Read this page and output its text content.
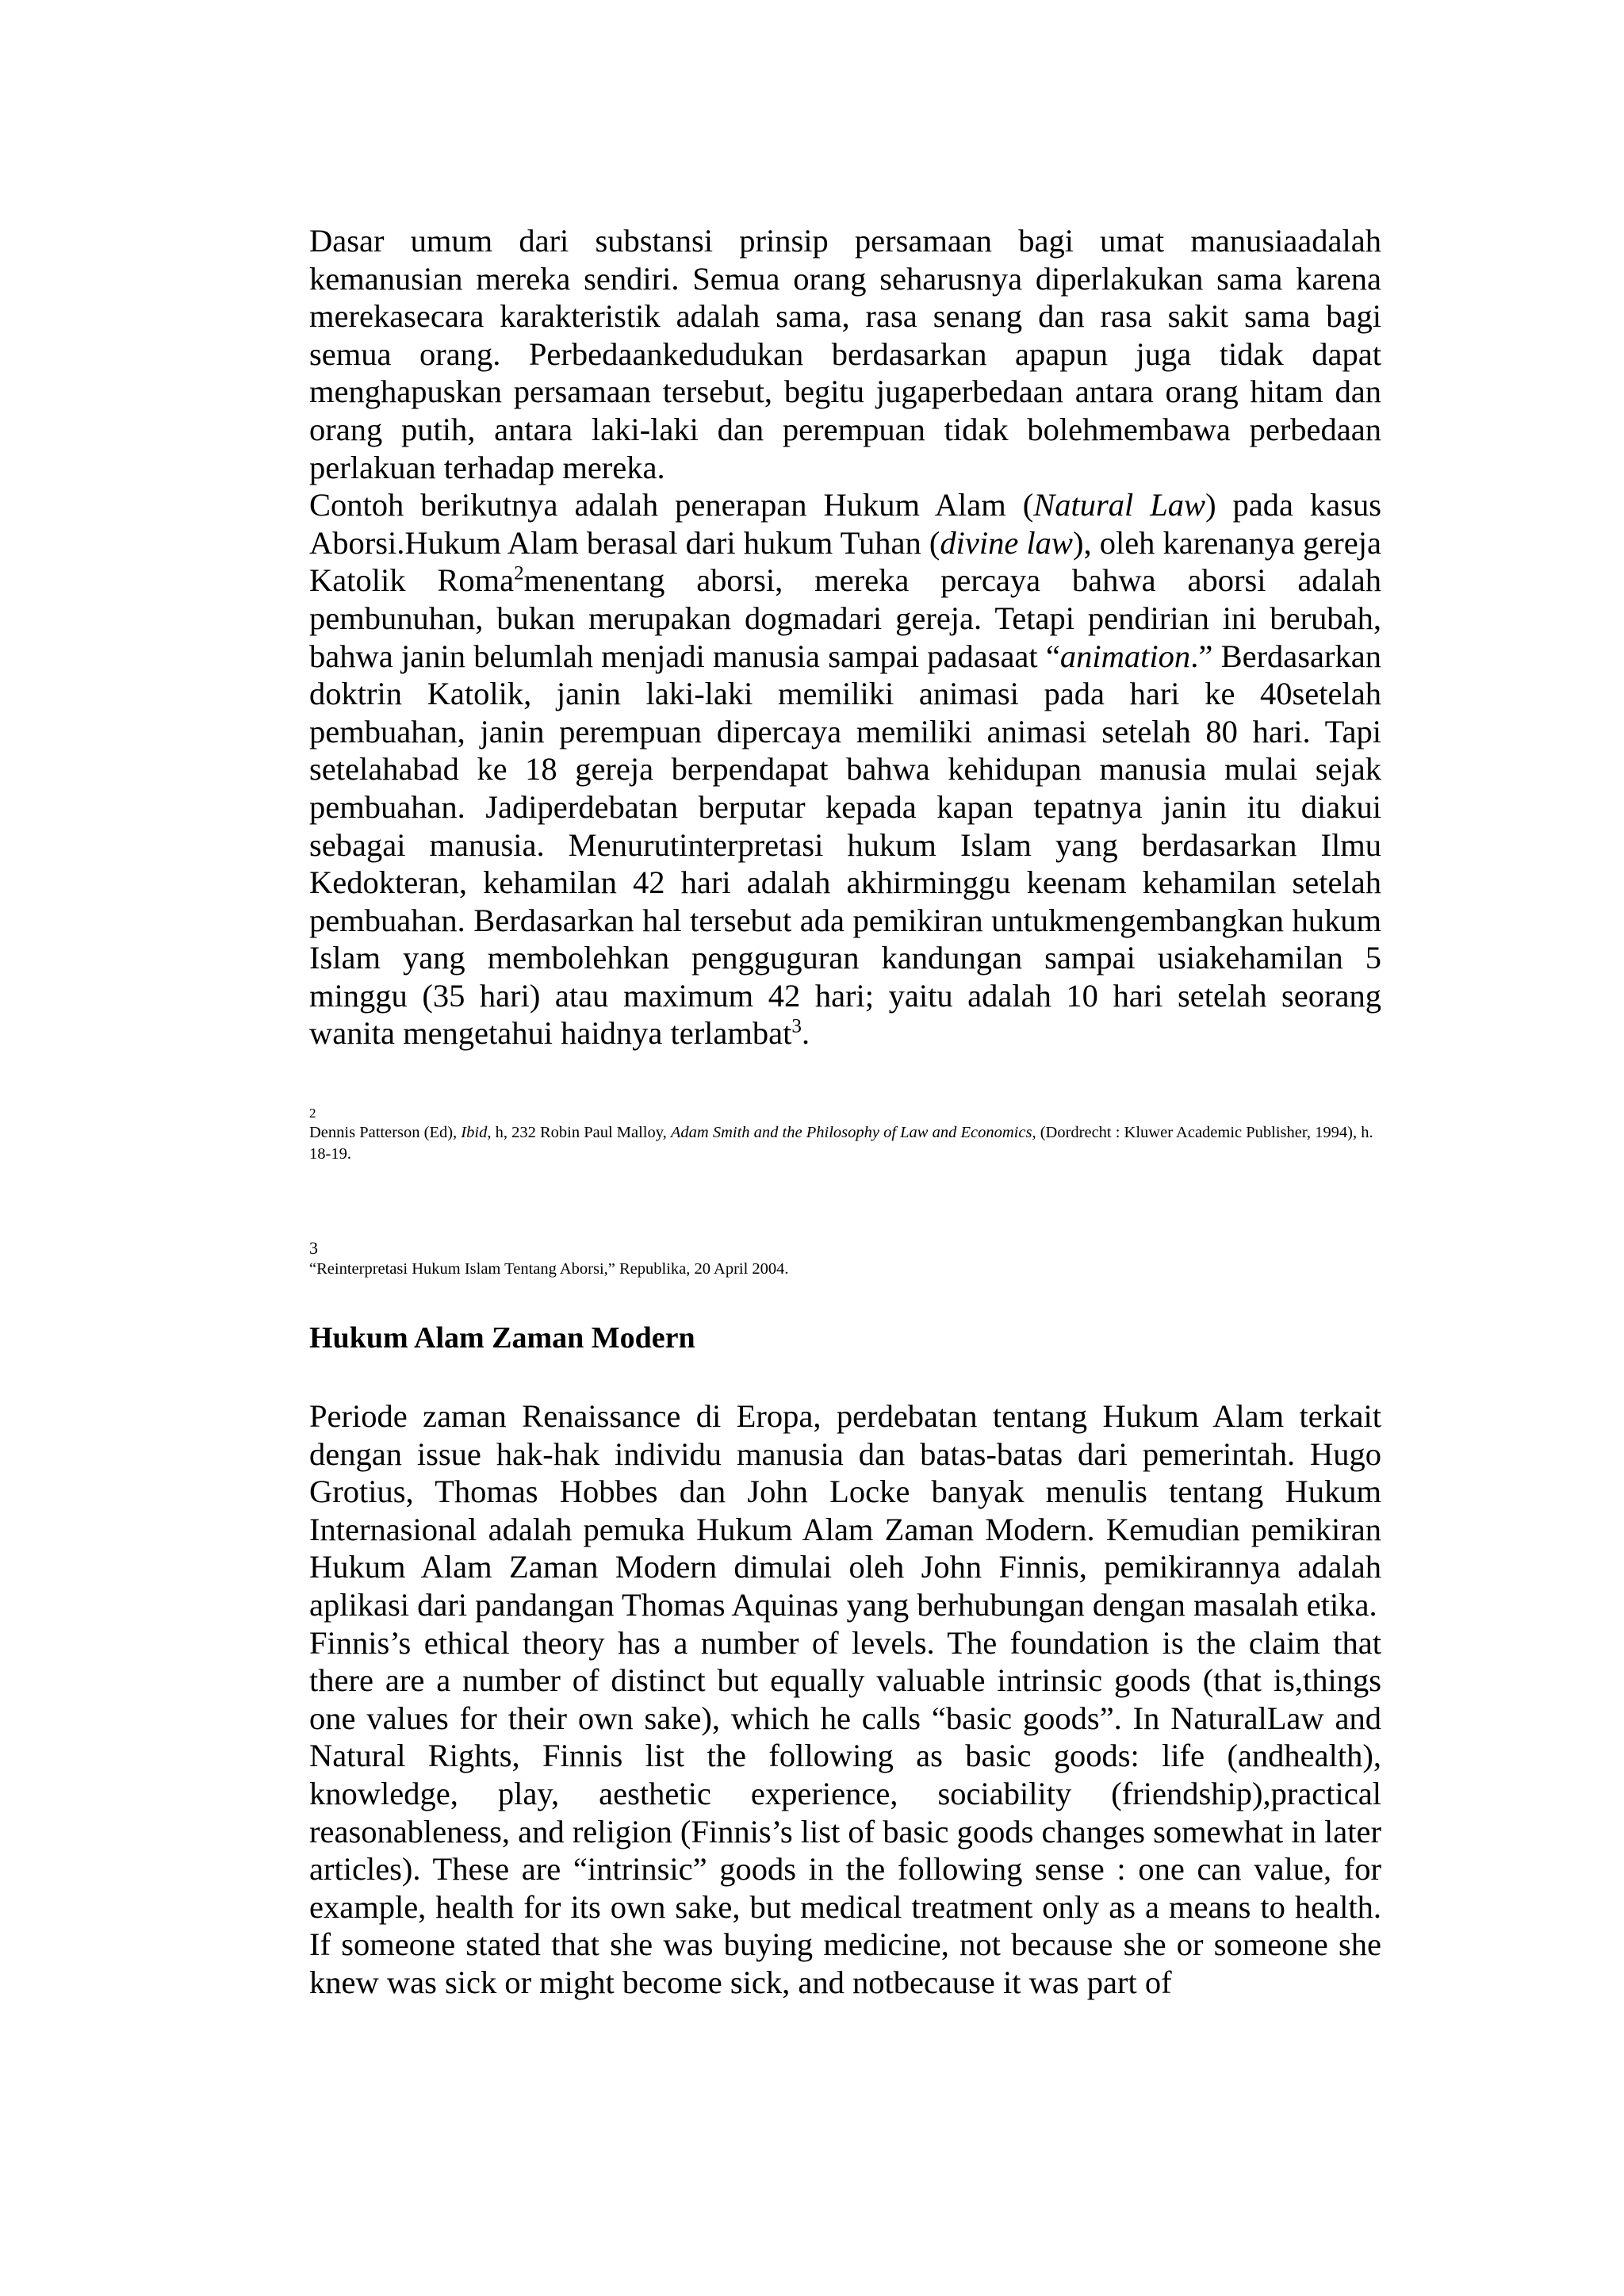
Dasar umum dari substansi prinsip persamaan bagi umat manusiaadalah kemanusian mereka sendiri. Semua orang seharusnya diperlakukan sama karena merekasecara karakteristik adalah sama, rasa senang dan rasa sakit sama bagi semua orang. Perbedaankedudukan berdasarkan apapun juga tidak dapat menghapuskan persamaan tersebut, begitu jugaperbedaan antara orang hitam dan orang putih, antara laki-laki dan perempuan tidak bolehmembawa perbedaan perlakuan terhadap mereka.

Contoh berikutnya adalah penerapan Hukum Alam (Natural Law) pada kasus Aborsi.Hukum Alam berasal dari hukum Tuhan (divine law), oleh karenanya gereja Katolik Roma$^2$menentang aborsi, mereka percaya bahwa aborsi adalah pembunuhan, bukan merupakan dogmadari gereja. Tetapi pendirian ini berubah, bahwa janin belumlah menjadi manusia sampai padasaat “animation.” Berdasarkan doktrin Katolik, janin laki-laki memiliki animasi pada hari ke 40setelah pembuahan, janin perempuan dipercaya memiliki animasi setelah 80 hari. Tapi setelahabad ke 18 gereja berpendapat bahwa kehidupan manusia mulai sejak pembuahan. Jadiperdebatan berputar kepada kapan tepatnya janin itu diakui sebagai manusia. Menurutinterpretasi hukum Islam yang berdasarkan Ilmu Kedokteran, kehamilan 42 hari adalah akhirminggu keenam kehamilan setelah pembuahan. Berdasarkan hal tersebut ada pemikiran untukmengembangkan hukum Islam yang membolehkan pengguguran kandungan sampai usiakehamilan 5 minggu (35 hari) atau maximum 42 hari; yaitu adalah 10 hari setelah seorang wanita mengetahui haidnya terlambat$^3$.

2

Dennis Patterson (Ed), Ibid, h, 232 Robin Paul Malloy, Adam Smith and the Philosophy of Law and Economics, (Dordrecht : Kluwer Academic Publisher, 1994), h. 18-19.

3

“Reinterpretasi Hukum Islam Tentang Aborsi,” Republika, 20 April 2004.

Hukum Alam Zaman Modern

Periode zaman Renaissance di Eropa, perdebatan tentang Hukum Alam terkait dengan issue hak-hak individu manusia dan batas-batas dari pemerintah. Hugo Grotius, Thomas Hobbes dan John Locke banyak menulis tentang Hukum Internasional adalah pemuka Hukum Alam Zaman Modern. Kemudian pemikiran Hukum Alam Zaman Modern dimulai oleh John Finnis, pemikirannya adalah aplikasi dari pandangan Thomas Aquinas yang berhubungan dengan masalah etika.

Finnis’s ethical theory has a number of levels. The foundation is the claim that there are a number of distinct but equally valuable intrinsic goods (that is,things one values for their own sake), which he calls “basic goods”. In NaturalLaw and Natural Rights, Finnis list the following as basic goods: life (andhealth), knowledge, play, aesthetic experience, sociability (friendship),practical reasonableness, and religion (Finnis’s list of basic goods changes somewhat in later articles). These are “intrinsic” goods in the following sense : one can value, for example, health for its own sake, but medical treatment only as a means to health. If someone stated that she was buying medicine, not because she or someone she knew was sick or might become sick, and notbecause it was part of
